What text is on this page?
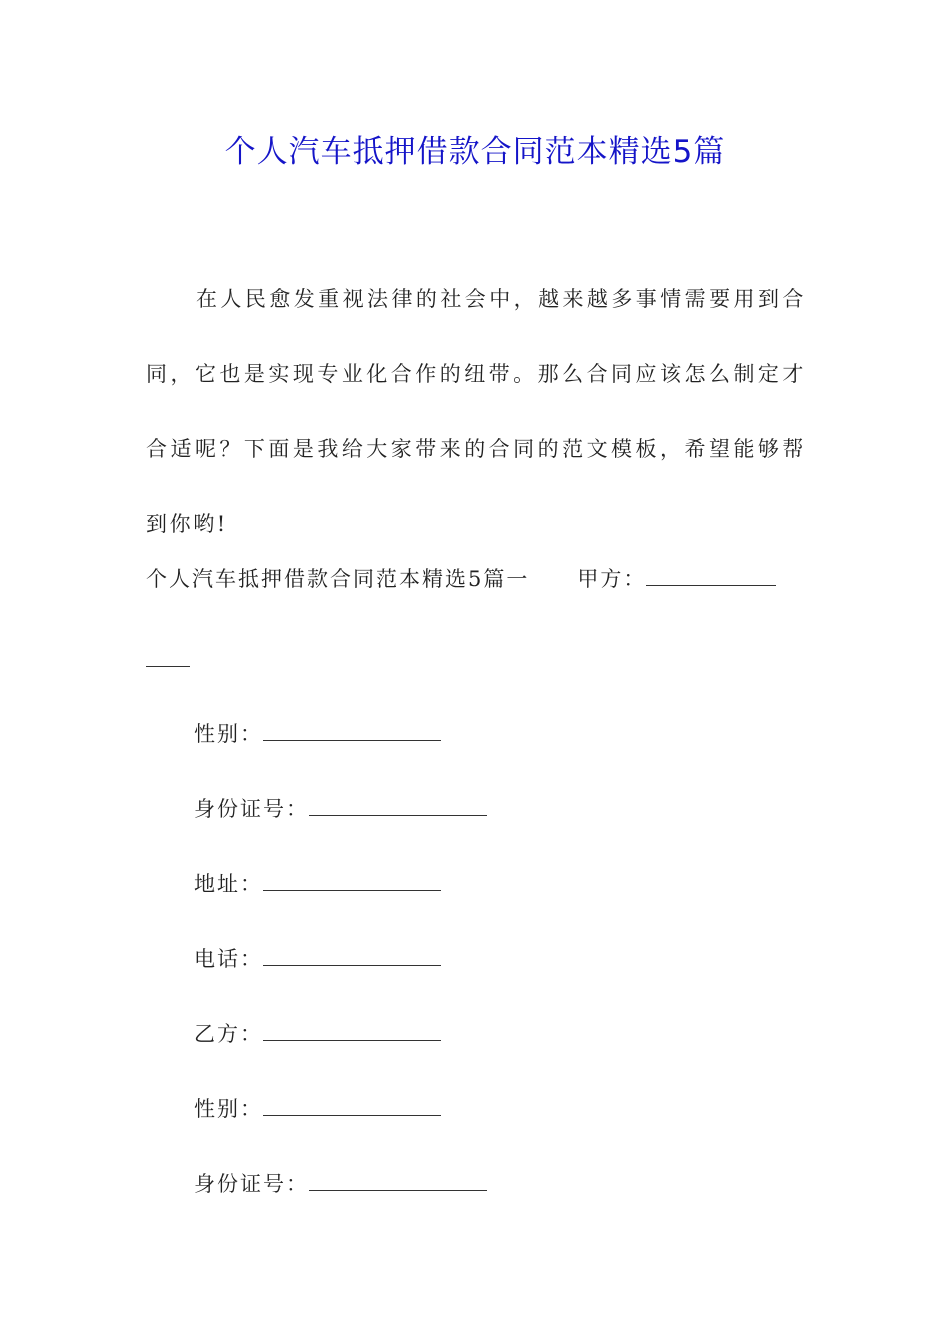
个人汽车抵押借款合同范本精选5篇

在人民愈发重视法律的社会中，越来越多事情需要用到合同，它也是实现专业化合作的纽带。那么合同应该怎么制定才合适呢？下面是我给大家带来的合同的范文模板，希望能够帮到你哟!

个人汽车抵押借款合同范本精选5篇一 甲方：
性别：
身份证号：
地址：
电话：
乙方：
性别：
身份证号：
